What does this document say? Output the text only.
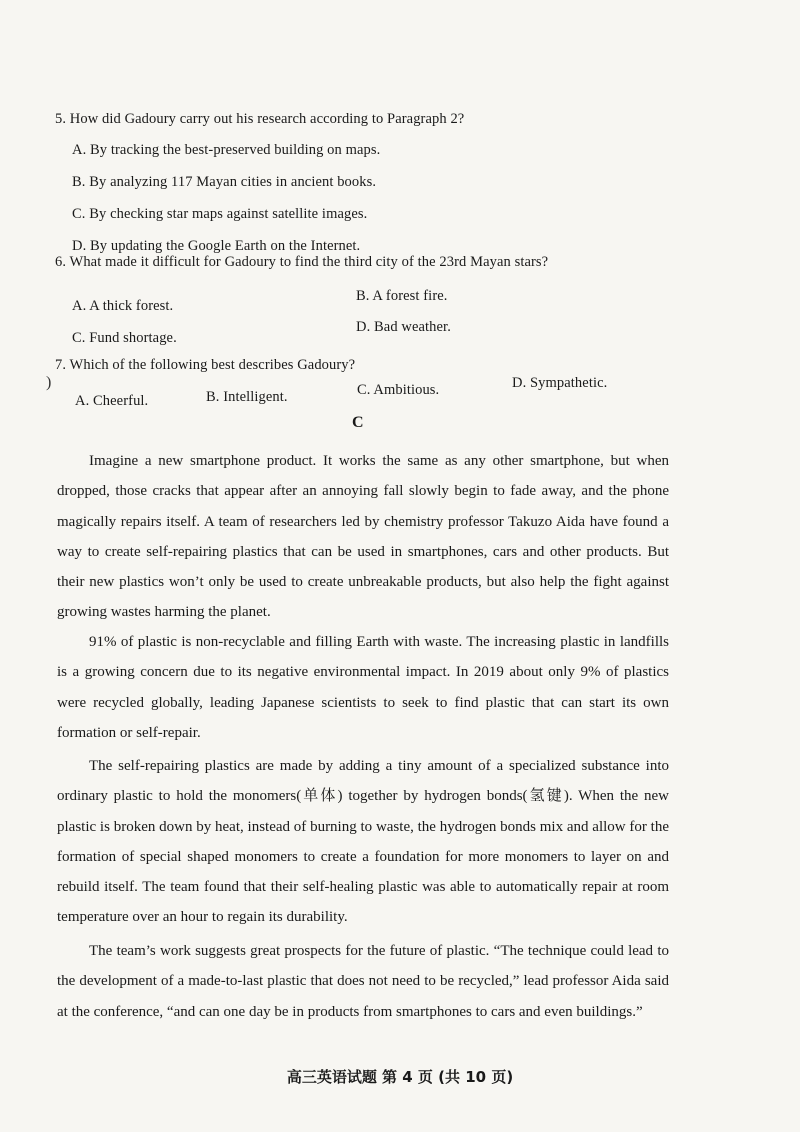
5. How did Gadoury carry out his research according to Paragraph 2?
A. By tracking the best-preserved building on maps.
B. By analyzing 117 Mayan cities in ancient books.
C. By checking star maps against satellite images.
D. By updating the Google Earth on the Internet.
6. What made it difficult for Gadoury to find the third city of the 23rd Mayan stars?
A. A thick forest.
B. A forest fire.
C. Fund shortage.
D. Bad weather.
7. Which of the following best describes Gadoury?
)
A. Cheerful.	B. Intelligent.	C. Ambitious.	D. Sympathetic.
C
Imagine a new smartphone product. It works the same as any other smartphone, but when dropped, those cracks that appear after an annoying fall slowly begin to fade away, and the phone magically repairs itself. A team of researchers led by chemistry professor Takuzo Aida have found a way to create self-repairing plastics that can be used in smartphones, cars and other products. But their new plastics won’t only be used to create unbreakable products, but also help the fight against growing wastes harming the planet.
91% of plastic is non-recyclable and filling Earth with waste. The increasing plastic in landfills is a growing concern due to its negative environmental impact. In 2019 about only 9% of plastics were recycled globally, leading Japanese scientists to seek to find plastic that can start its own formation or self-repair.
The self-repairing plastics are made by adding a tiny amount of a specialized substance into ordinary plastic to hold the monomers(单体) together by hydrogen bonds(氢键). When the new plastic is broken down by heat, instead of burning to waste, the hydrogen bonds mix and allow for the formation of special shaped monomers to create a foundation for more monomers to layer on and rebuild itself. The team found that their self-healing plastic was able to automatically repair at room temperature over an hour to regain its durability.
The team’s work suggests great prospects for the future of plastic. “The technique could lead to the development of a made-to-last plastic that does not need to be recycled,” lead professor Aida said at the conference, “and can one day be in products from smartphones to cars and even buildings.”
高三英语试题 第 4 页 (共 10 页)
